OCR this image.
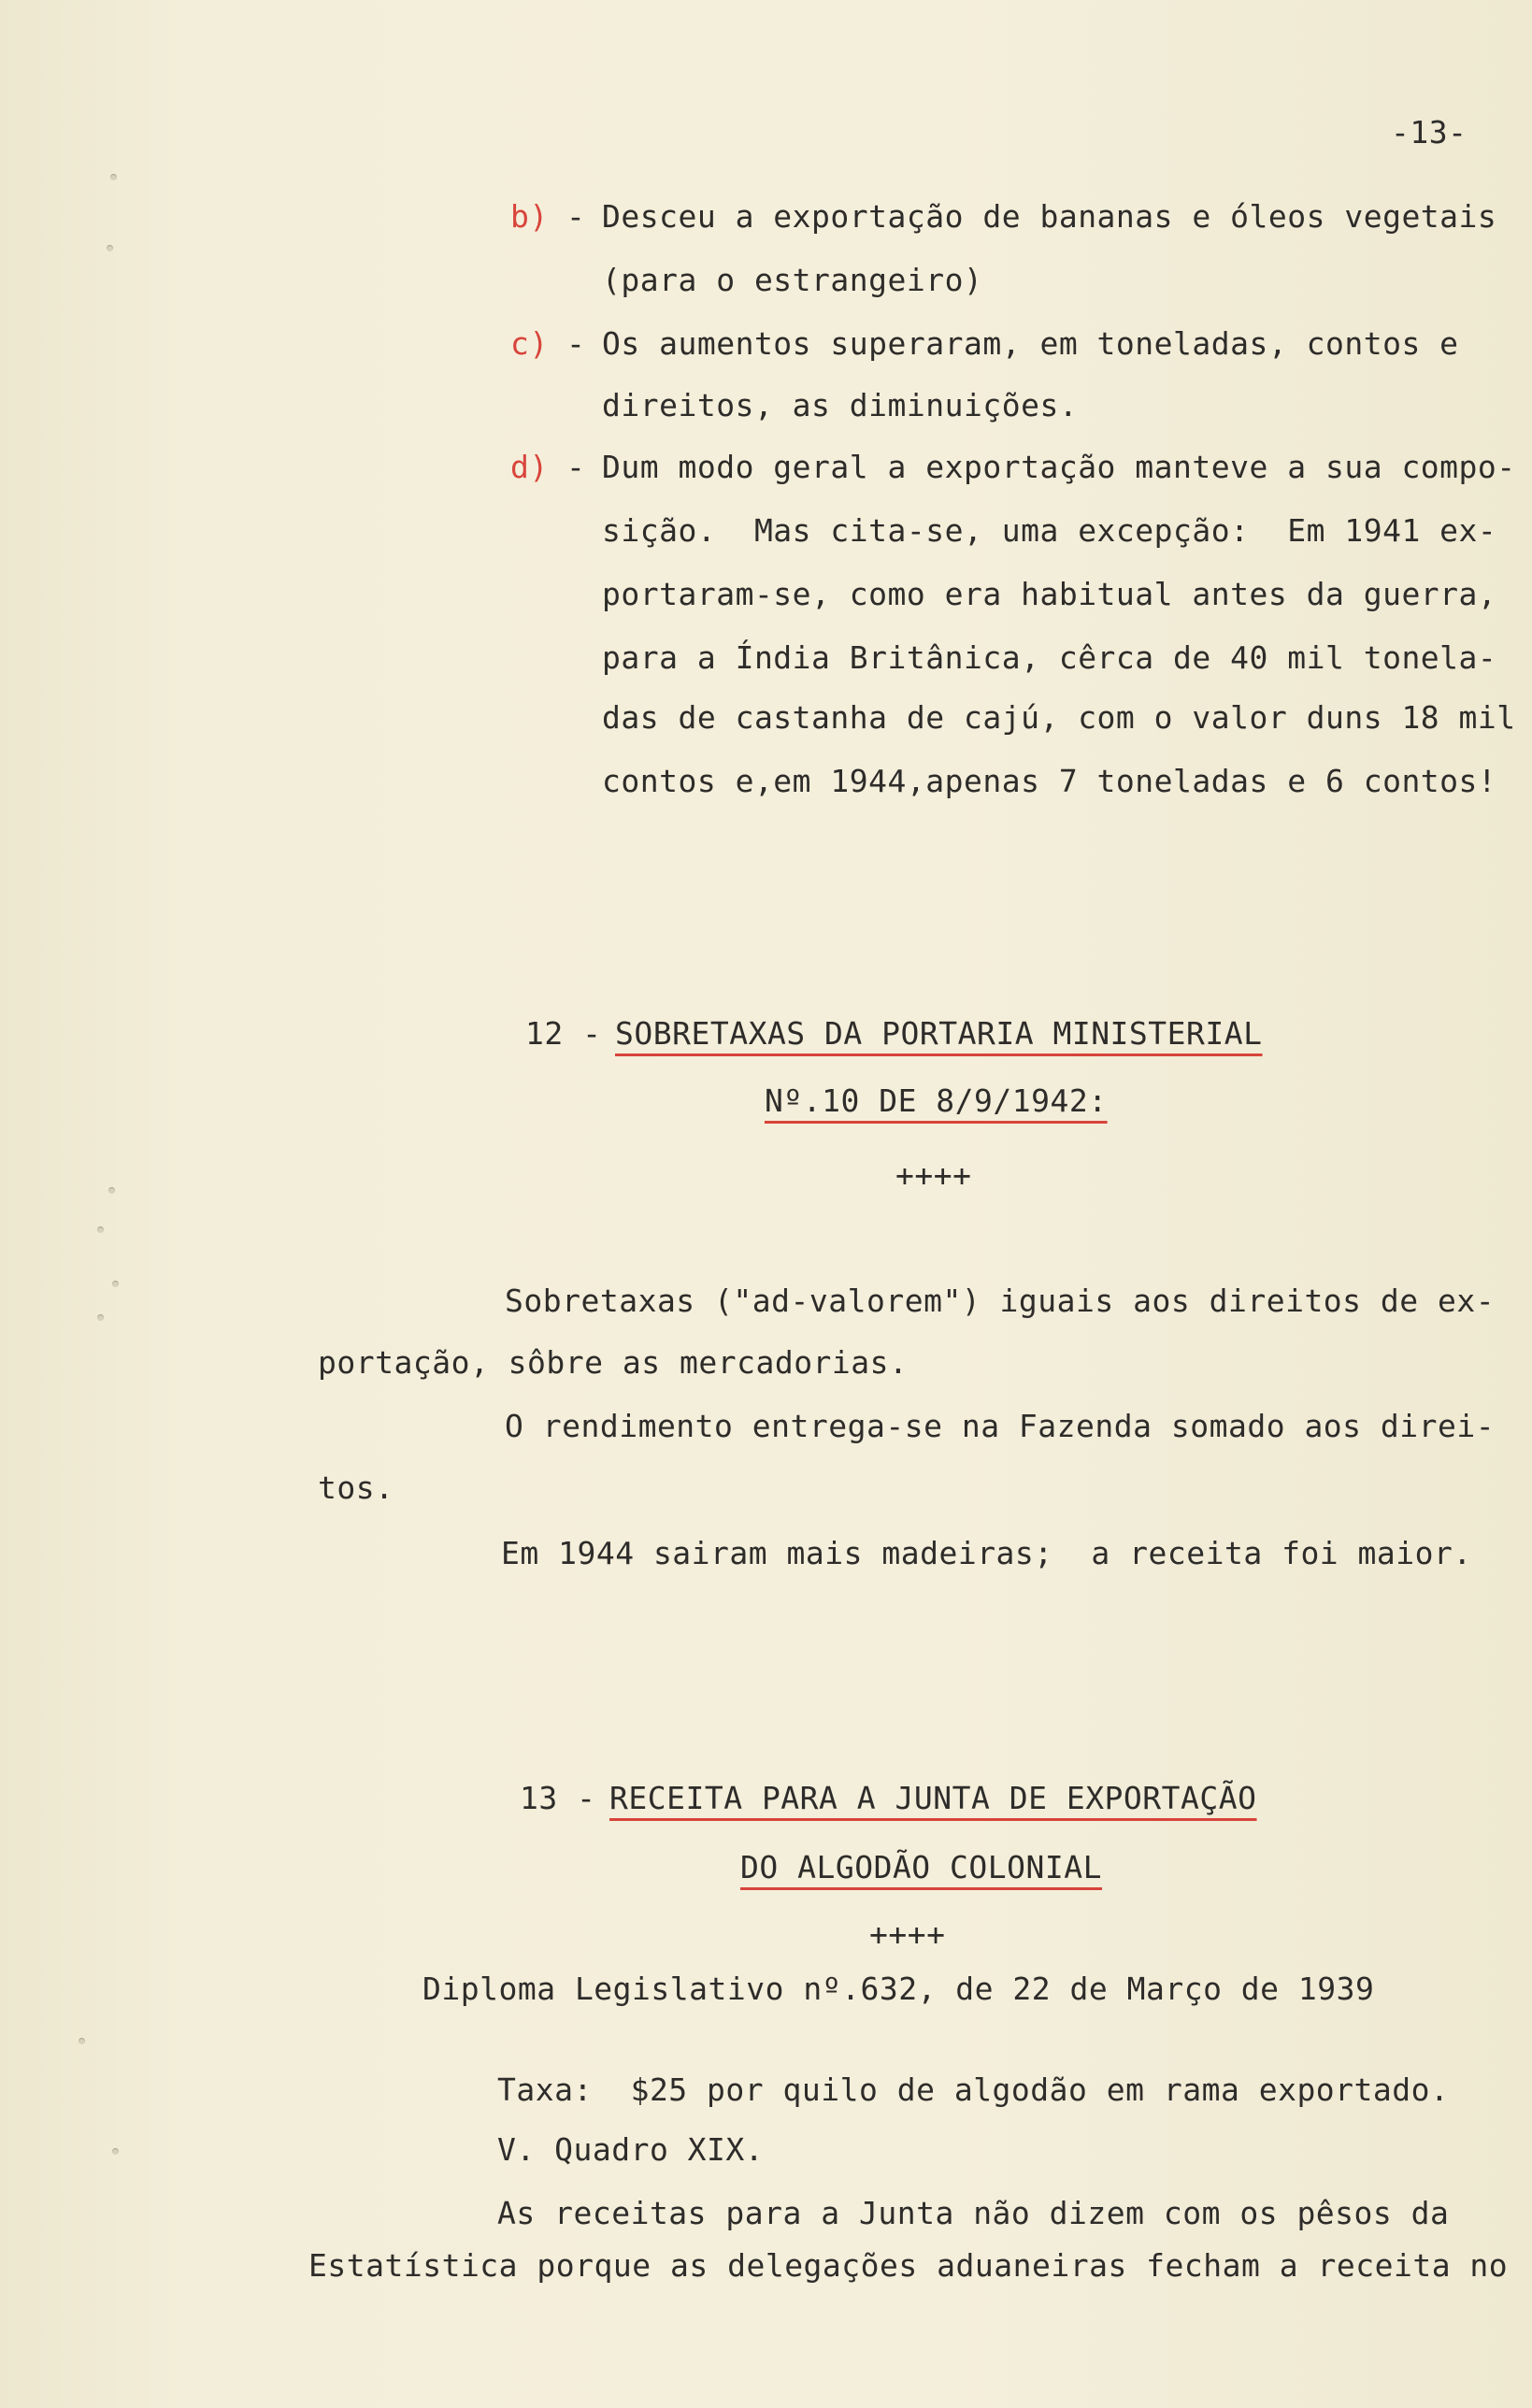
-13-
b) - Desceu a exportação de bananas e óleos vegetais
(para o estrangeiro)
c) - Os aumentos superaram, em toneladas, contos e
direitos, as diminuições.
d) - Dum modo geral a exportação manteve a sua compo-
sição.  Mas cita-se, uma excepção:  Em 1941 ex-
portaram-se, como era habitual antes da guerra,
para a Índia Britânica, cêrca de 40 mil tonela-
das de castanha de cajú, com o valor duns 18 mil
contos e,em 1944,apenas 7 toneladas e 6 contos!
12 - SOBRETAXAS DA PORTARIA MINISTERIAL
Nº.10 DE 8/9/1942:
++++
Sobretaxas ("ad-valorem") iguais aos direitos de ex-
portação, sôbre as mercadorias.
O rendimento entrega-se na Fazenda somado aos direi-
tos.
Em 1944 sairam mais madeiras;  a receita foi maior.
13 - RECEITA PARA A JUNTA DE EXPORTAÇÃO
DO ALGODÃO COLONIAL
++++
Diploma Legislativo nº.632, de 22 de Março de 1939
Taxa:  $25 por quilo de algodão em rama exportado.
V. Quadro XIX.
As receitas para a Junta não dizem com os pêsos da
Estatística porque as delegações aduaneiras fecham a receita no
